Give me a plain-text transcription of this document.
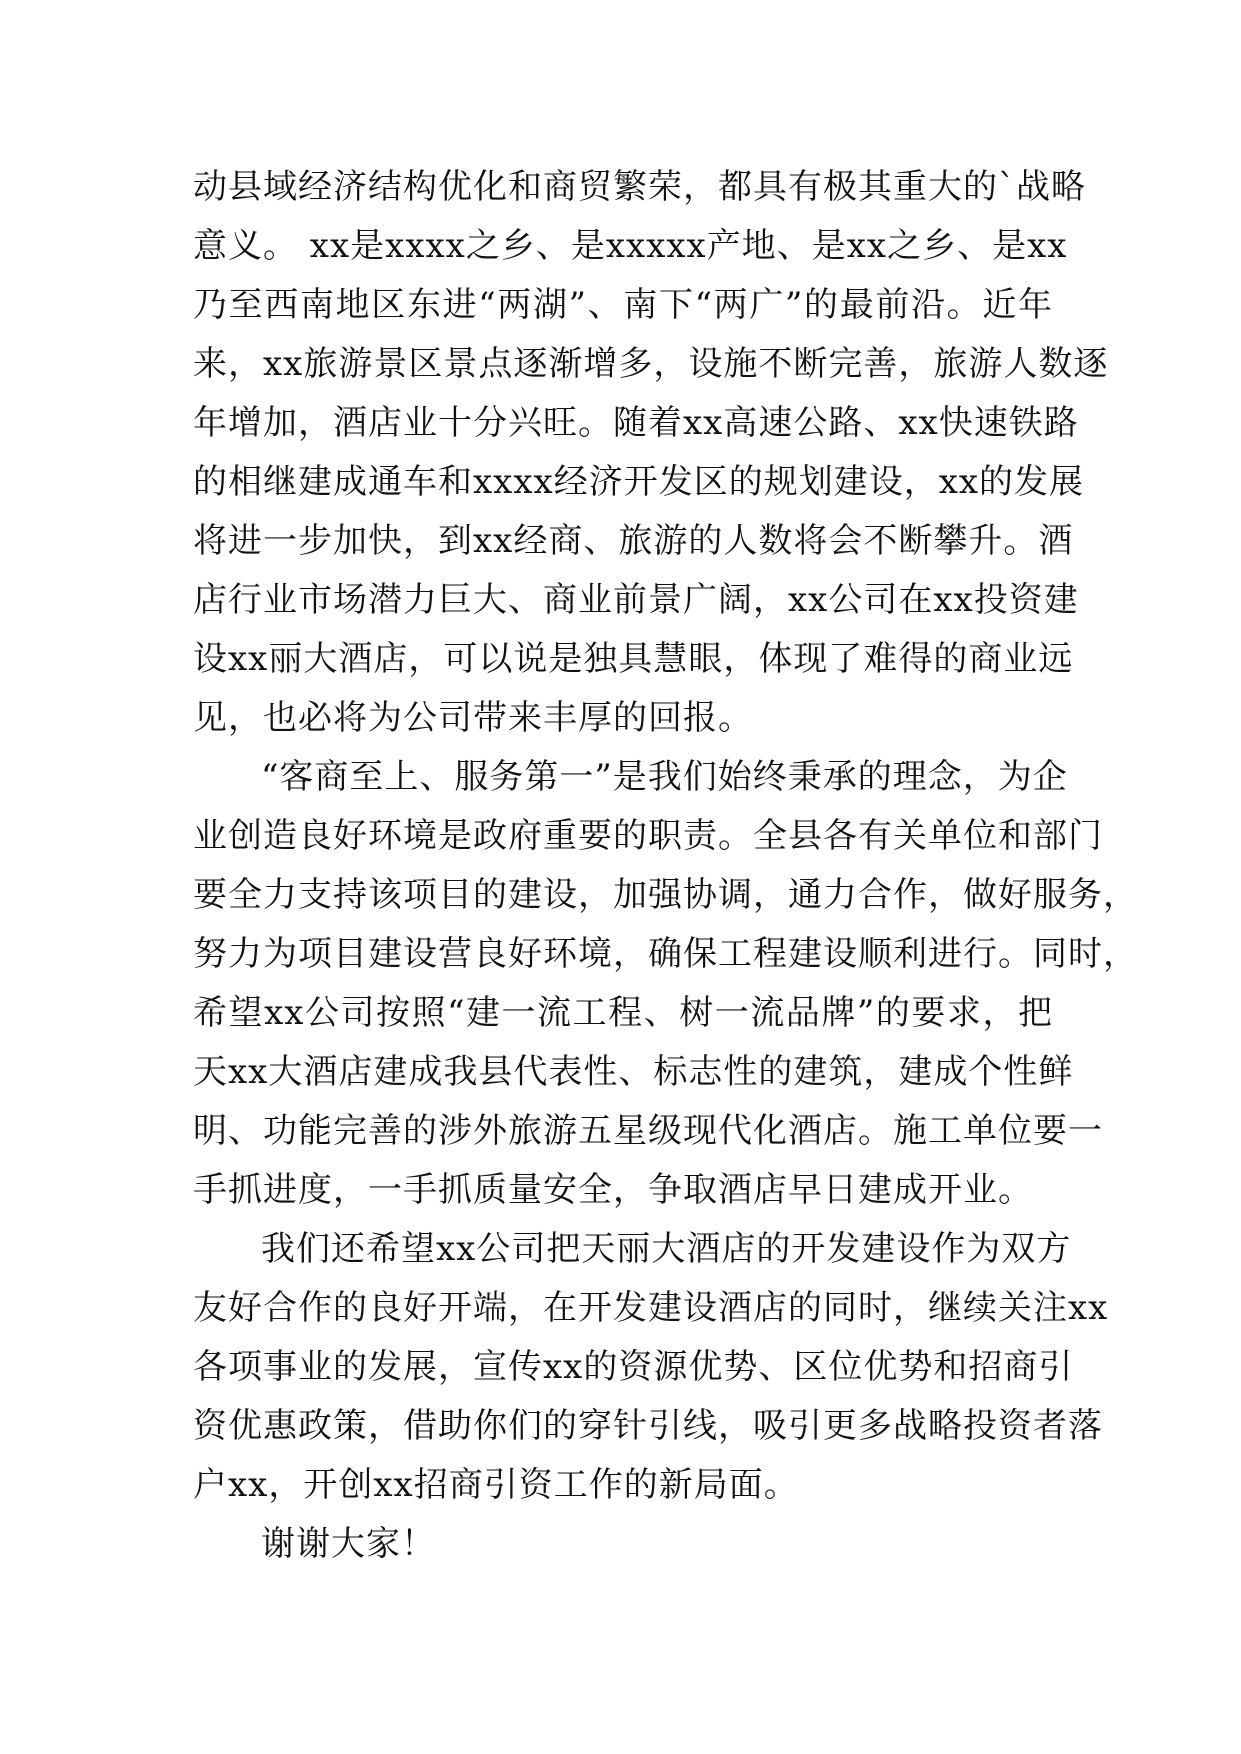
动县域经济结构优化和商贸繁荣，都具有极其重大的`战略
意义。 xx是xxxx之乡、是xxxxx产地、是xx之乡、是xx
乃至西南地区东进“两湖”、南下“两广”的最前沿。近年
来，xx旅游景区景点逐渐增多，设施不断完善，旅游人数逐
年增加，酒店业十分兴旺。随着xx高速公路、xx快速铁路
的相继建成通车和xxxx经济开发区的规划建设，xx的发展
将进一步加快，到xx经商、旅游的人数将会不断攀升。酒
店行业市场潜力巨大、商业前景广阔，xx公司在xx投资建
设xx丽大酒店，可以说是独具慧眼，体现了难得的商业远
见，也必将为公司带来丰厚的回报。
“客商至上、服务第一”是我们始终秉承的理念，为企
业创造良好环境是政府重要的职责。全县各有关单位和部门
要全力支持该项目的建设，加强协调，通力合作，做好服务，
努力为项目建设营良好环境，确保工程建设顺利进行。同时，
希望xx公司按照“建一流工程、树一流品牌”的要求，把
天xx大酒店建成我县代表性、标志性的建筑，建成个性鲜
明、功能完善的涉外旅游五星级现代化酒店。施工单位要一
手抓进度，一手抓质量安全，争取酒店早日建成开业。
我们还希望xx公司把天丽大酒店的开发建设作为双方
友好合作的良好开端，在开发建设酒店的同时，继续关注xx
各项事业的发展，宣传xx的资源优势、区位优势和招商引
资优惠政策，借助你们的穿针引线，吸引更多战略投资者落
户xx，开创xx招商引资工作的新局面。
谢谢大家！
